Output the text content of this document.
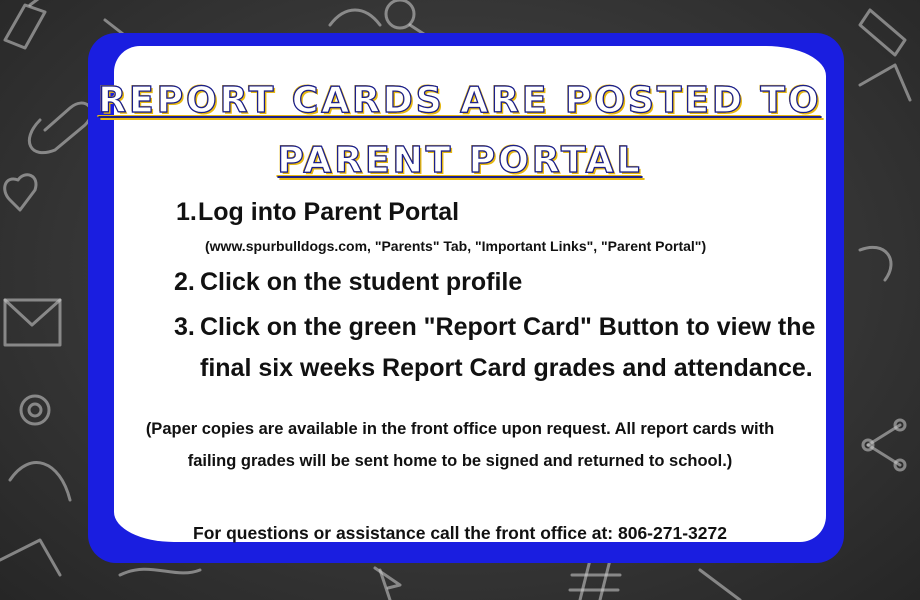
REPORT CARDS ARE POSTED TO
PARENT PORTAL
1. Log into Parent Portal
(www.spurbulldogs.com, "Parents" Tab, "Important Links", "Parent Portal")
2. Click on the student profile
3. Click on the green "Report Card" Button to view the
final six weeks Report Card grades and attendance.
(Paper copies are available in the front office upon request. All report cards with
failing grades will be sent home to be signed and returned to school.)
For questions or assistance call the front office at: 806-271-3272
